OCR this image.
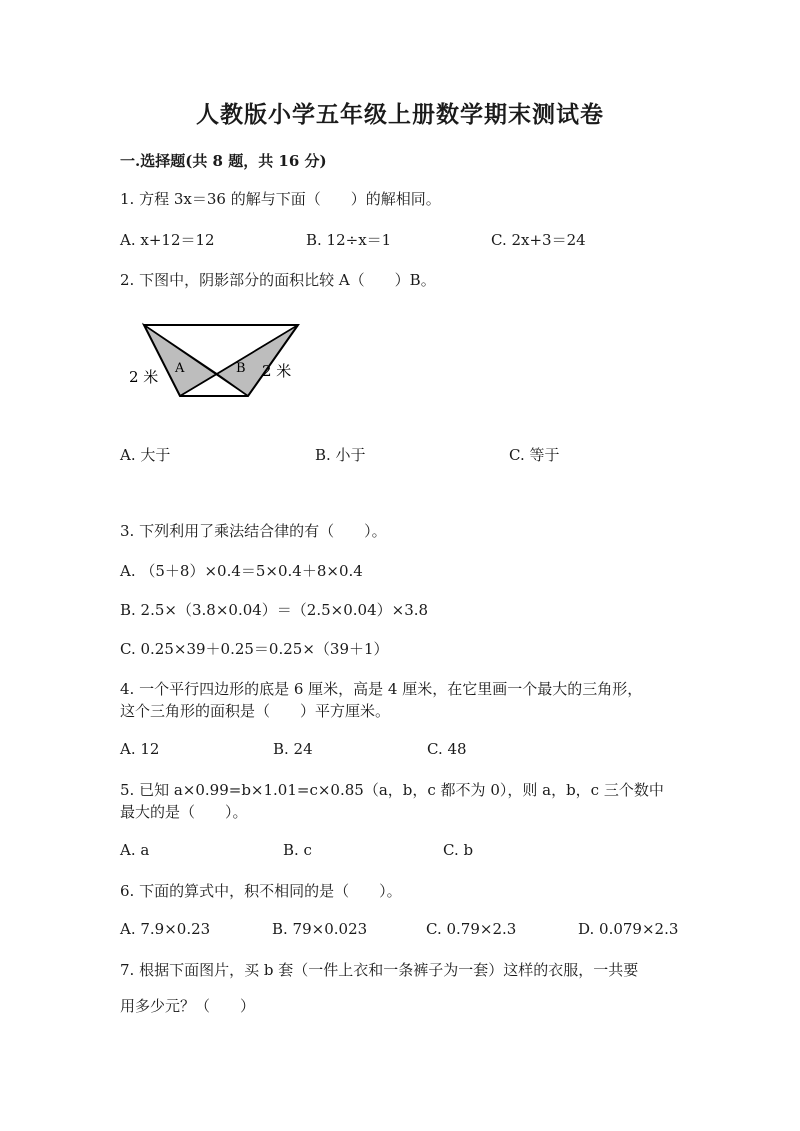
人教版小学五年级上册数学期末测试卷
一.选择题(共 8 题，共 16 分)
1. 方程 3x＝36 的解与下面（　　）的解相同。
A. x+12＝12	B. 12÷x＝1	C. 2x+3＝24
2. 下图中，阴影部分的面积比较 A（　　）B。
2 米 A	B 2 米
A. 大于	B. 小于	C. 等于
3. 下列利用了乘法结合律的有（　　）。
A. （5＋8）×0.4＝5×0.4＋8×0.4
B. 2.5×（3.8×0.04）＝（2.5×0.04）×3.8
C. 0.25×39＋0.25＝0.25×（39＋1）
4. 一个平行四边形的底是 6 厘米，高是 4 厘米，在它里画一个最大的三角形，
这个三角形的面积是（　　）平方厘米。
A. 12	B. 24	C. 48
5. 已知 a×0.99=b×1.01=c×0.85（a，b，c 都不为 0），则 a，b，c 三个数中
最大的是（　　）。
A. a	B. c	C. b
6. 下面的算式中，积不相同的是（　　）。
A. 7.9×0.23	B. 79×0.023	C. 0.79×2.3	D. 0.079×2.3
7. 根据下面图片，买 b 套（一件上衣和一条裤子为一套）这样的衣服，一共要
用多少元？（　　）
